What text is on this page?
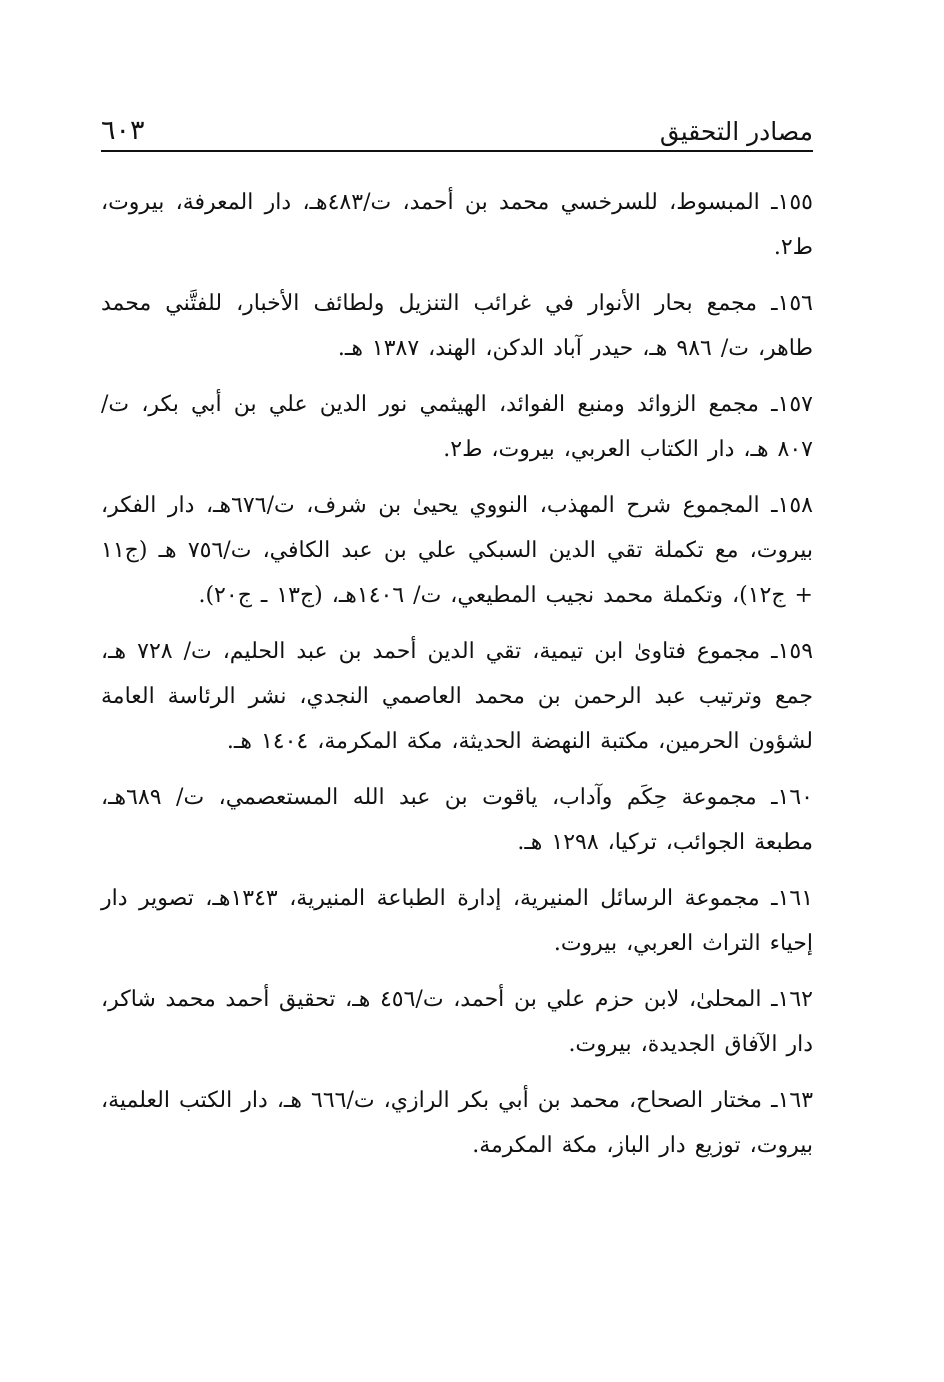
مصادر التحقيق
٦٠٣

١٥٥ـ المبسوط، للسرخسي محمد بن أحمد، ت/٤٨٣هـ، دار المعرفة، بيروت، ط٢.

١٥٦ـ مجمع بحار الأنوار في غرائب التنزيل ولطائف الأخبار، للفتَّني محمد طاهر، ت/ ٩٨٦ هـ، حيدر آباد الدكن، الهند، ١٣٨٧ هـ.

١٥٧ـ مجمع الزوائد ومنبع الفوائد، الهيثمي نور الدين علي بن أبي بكر، ت/ ٨٠٧ هـ، دار الكتاب العربي، بيروت، ط٢.

١٥٨ـ المجموع شرح المهذب، النووي يحيىٰ بن شرف، ت/٦٧٦هـ، دار الفكر، بيروت، مع تكملة تقي الدين السبكي علي بن عبد الكافي، ت/٧٥٦ هـ (ج١١ + ج١٢)، وتكملة محمد نجيب المطيعي، ت/ ١٤٠٦هـ، (ج١٣ ـ ج٢٠).

١٥٩ـ مجموع فتاوىٰ ابن تيمية، تقي الدين أحمد بن عبد الحليم، ت/ ٧٢٨ هـ، جمع وترتيب عبد الرحمن بن محمد العاصمي النجدي، نشر الرئاسة العامة لشؤون الحرمين، مكتبة النهضة الحديثة، مكة المكرمة، ١٤٠٤ هـ.

١٦٠ـ مجموعة حِكَم وآداب، ياقوت بن عبد الله المستعصمي، ت/ ٦٨٩هـ، مطبعة الجوائب، تركيا، ١٢٩٨ هـ.

١٦١ـ مجموعة الرسائل المنيرية، إدارة الطباعة المنيرية، ١٣٤٣هـ، تصوير دار إحياء التراث العربي، بيروت.

١٦٢ـ المحلىٰ، لابن حزم علي بن أحمد، ت/٤٥٦ هـ، تحقيق أحمد محمد شاكر، دار الآفاق الجديدة، بيروت.

١٦٣ـ مختار الصحاح، محمد بن أبي بكر الرازي، ت/٦٦٦ هـ، دار الكتب العلمية، بيروت، توزيع دار الباز، مكة المكرمة.
